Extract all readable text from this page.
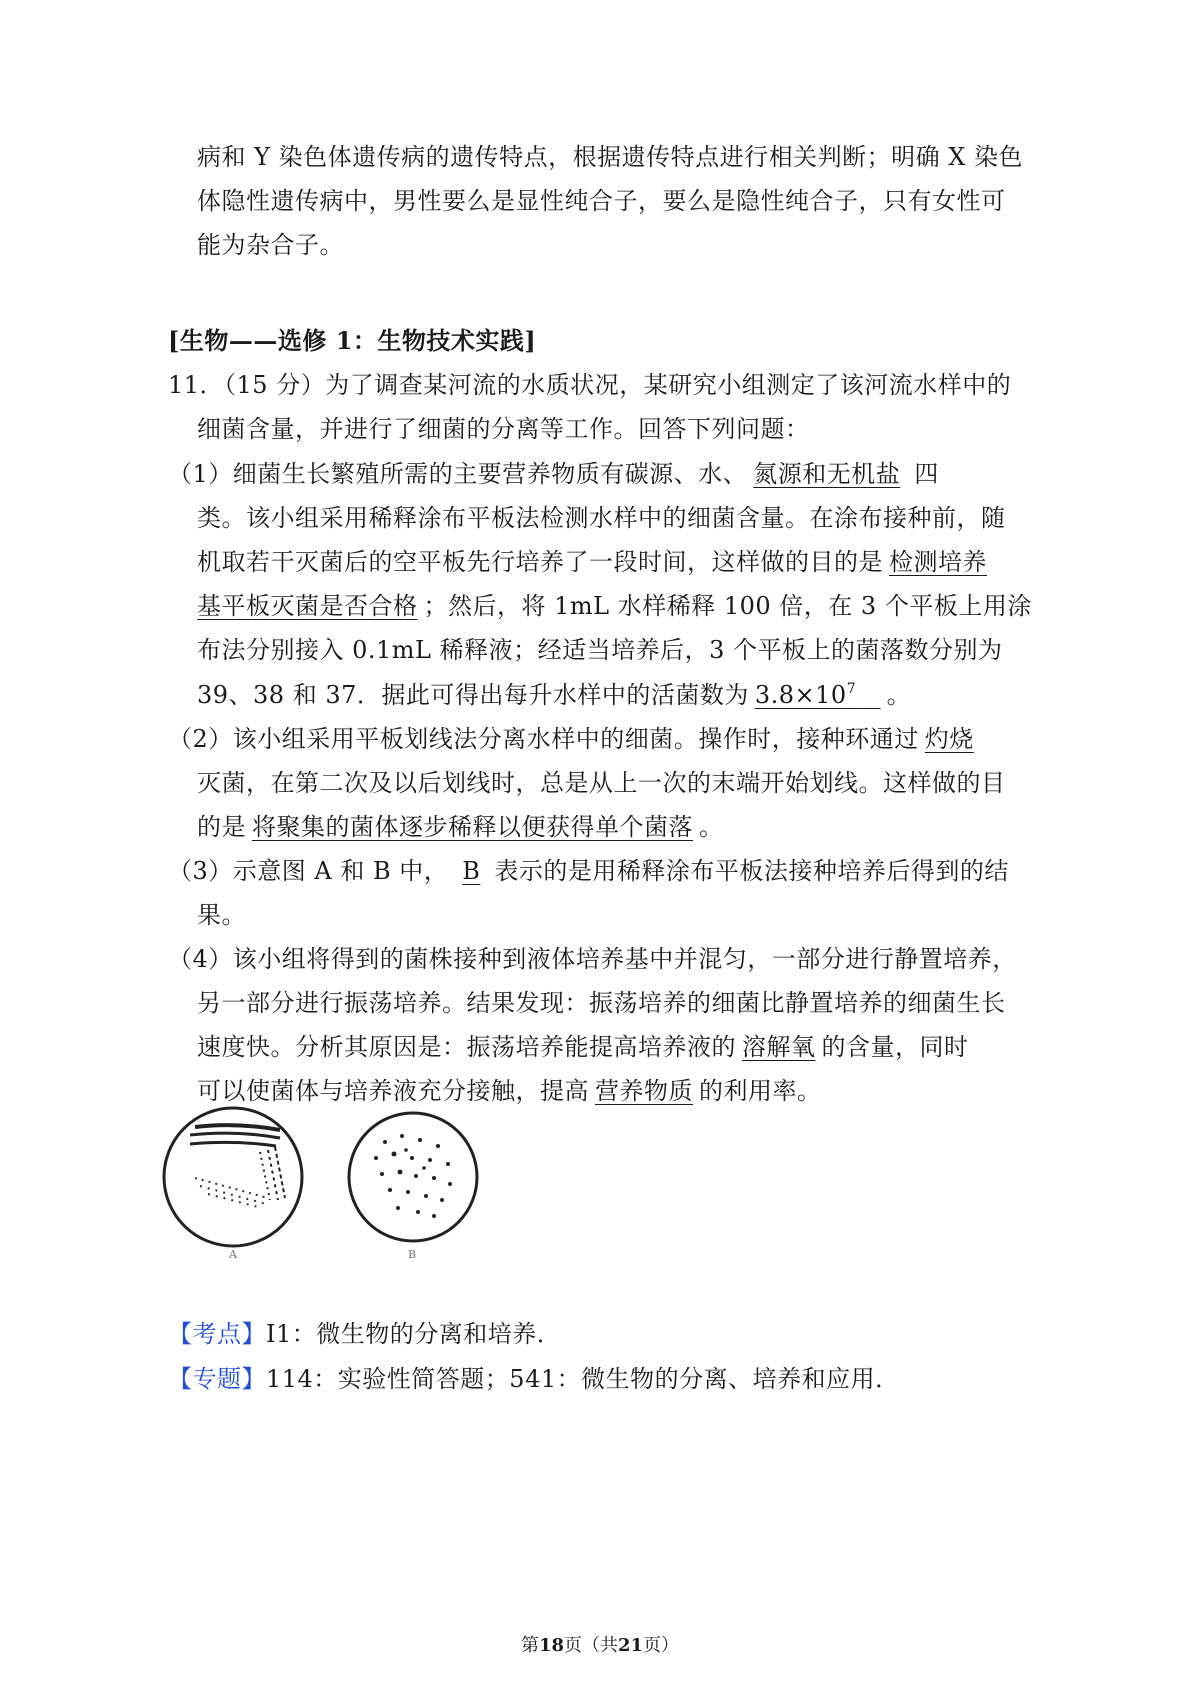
病和 Y 染色体遗传病的遗传特点，根据遗传特点进行相关判断；明确 X 染色
体隐性遗传病中，男性要么是显性纯合子，要么是隐性纯合子，只有女性可
能为杂合子。
[生物——选修 1：生物技术实践]
11．（15 分）为了调查某河流的水质状况，某研究小组测定了该河流水样中的
细菌含量，并进行了细菌的分离等工作。回答下列问题：
（1）细菌生长繁殖所需的主要营养物质有碳源、水、 氮源和无机盐 四
类。该小组采用稀释涂布平板法检测水样中的细菌含量。在涂布接种前，随
机取若干灭菌后的空平板先行培养了一段时间，这样做的目的是 检测培养
基平板灭菌是否合格 ；然后，将 1mL 水样稀释 100 倍，在 3 个平板上用涂
布法分别接入 0.1mL 稀释液；经适当培养后，3 个平板上的菌落数分别为
39、38 和 37．据此可得出每升水样中的活菌数为 $3.8\times 10^7$  。
（2）该小组采用平板划线法分离水样中的细菌。操作时，接种环通过 灼烧
灭菌，在第二次及以后划线时，总是从上一次的末端开始划线。这样做的目
的是 将聚集的菌体逐步稀释以便获得单个菌落 。
（3）示意图 A 和 B 中， B 表示的是用稀释涂布平板法接种培养后得到的结
果。
（4）该小组将得到的菌株接种到液体培养基中并混匀，一部分进行静置培养，
另一部分进行振荡培养。结果发现：振荡培养的细菌比静置培养的细菌生长
速度快。分析其原因是：振荡培养能提高培养液的 溶解氧 的含量，同时
可以使菌体与培养液充分接触，提高 营养物质 的利用率。
A	B
【考点】I1：微生物的分离和培养．
【专题】114：实验性简答题；541：微生物的分离、培养和应用．
第18页（共21页）
